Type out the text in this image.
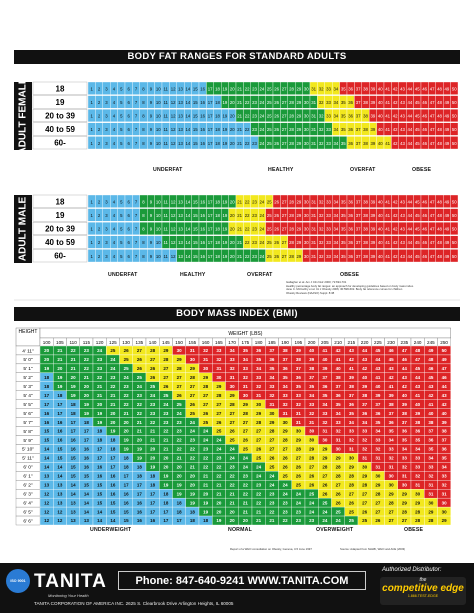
BODY FAT RANGES FOR STANDARD ADULTS
BODY MASS INDEX (BMI)
ADULT FEMALE	18	1 2 3 4 5 6 7 8 9 10 11 12 13 14 15 16 17 18 19 20 21 22 23 24 25 26 27 28 29 30 31 32 33 34 35 36 37 38 39 40 41 42 43 44 45 46 47 48 49 50
19	1 2 3 4 5 6 7 8 9 10 11 12 13 14 15 16 17 18 19 20 21 22 23 24 25 26 27 28 29 30 31 32 33 34 35 36 37 38 39 40 41 42 43 44 45 46 47 48 49 50
20 to 39	1 2 3 4 5 6 7 8 9 10 11 12 13 14 15 16 17 18 19 20 21 22 23 24 25 26 27 28 29 30 31 32 33 34 35 36 37 38 39 40 41 42 43 44 45 46 47 48 49 50
40 to 59	1 2 3 4 5 6 7 8 9 10 11 12 13 14 15 16 17 18 19 20 21 22 23 24 25 26 27 28 29 30 31 32 33 34 35 36 37 38 39 40 41 42 43 44 45 46 47 48 49 50
60-	1 2 3 4 5 6 7 8 9 10 11 12 13 14 15 16 17 18 19 20 21 22 23 24 25 26 27 28 29 30 31 32 33 34 35 36 37 38 39 40 41 42 43 44 45 46 47 48 49 50
ADULT MALE	18	1 2 3 4 5 6 7 8 9 10 11 12 13 14 15 16 17 18 19 20 21 22 23 24 25 26 27 28 29 30 31 32 33 34 35 36 37 38 39 40 41 42 43 44 45 46 47 48 49 50
19	1 2 3 4 5 6 7 8 9 10 11 12 13 14 15 16 17 18 19 20 21 22 23 24 25 26 27 28 29 30 31 32 33 34 35 36 37 38 39 40 41 42 43 44 45 46 47 48 49 50
20 to 39	1 2 3 4 5 6 7 8 9 10 11 12 13 14 15 16 17 18 19 20 21 22 23 24 25 26 27 28 29 30 31 32 33 34 35 36 37 38 39 40 41 42 43 44 45 46 47 48 49 50
40 to 59	1 2 3 4 5 6 7 8 9 10 11 12 13 14 15 16 17 18 19 20 21 22 23 24 25 26 27 28 29 30 31 32 33 34 35 36 37 38 39 40 41 42 43 44 45 46 47 48 49 50
60-	1 2 3 4 5 6 7 8 9 10 11 12 13 14 15 16 17 18 19 20 21 22 23 24 25 26 27 28 29 30 31 32 33 34 35 36 37 38 39 40 41 42 43 44 45 46 47 48 49 50
HEIGHT	WEIGHT (LBS)
100 105 110 115 120 125 130 135 140 145 150 155 160 165 170 175 180 185 190 195 200 205 210 215 220 225 230 235 240 245 250
4' 11" 20 21 22 23 24 25 26 27 28 29 30 31 32 33 34 35 36 37 38 39 40 41 42 43 44 45 46 47 48 49 50
5' 0"	20 21 21 22 23 24 25 26 27 28 29 30 31 32 33 34 35 36 37 38 39 40 41 42 43 44 45 46 47 48 49
5' 1"	19 20 21 22 23 24 25 26 26 27 28 29 30 31 32 33 34 35 36 37 38 39 40 41 42 43 43 44 45 46 47
5' 2"	18 19 20 21 22 23 24 25 26 27 27 28 29 30 31 32 33 34 35 36 37 37 38 39 40 41 42 43 44 45 46
5' 3"	18 19 19 20 21 22 23 24 25 26 27 27 28 29 30 31 32 33 34 35 35 36 37 38 39 40 41 42 43 43 44
5' 4"	17 18 19 20 21 21 22 23 24 25 26 27 27 28 29 30 31 32 33 33 34 35 36 37 38 39 39 40 41 42 43
5' 5"	17 17 18 19 20 21 22 22 23 24 25 26 27 27 28 29 30 31 32 32 33 34 35 36 37 37 38 39 40 41 42
5' 6"	16 17 18 19 19 20 21 22 23 23 24 25 26 27 27 28 29 30 31 31 32 33 34 35 36 36 37 38 39 40 40
5' 7"	16 16 17 18 19 20 20 21 22 23 23 24 25 26 27 27 28 29 30 31 31 32 33 34 34 35 36 37 38 38 39
5' 8"	15 16 17 17 18 19 20 21 21 22 23 24 24 25 26 27 27 28 29 30 30 31 32 33 33 34 35 36 36 37 38
5' 9"	15 16 16 17 18 18 19 20 21 21 22 23 24 24 25 26 27 27 28 29 30 30 31 32 32 33 34 35 35 36 37
5' 10" 14 15 16 16 17 18 19 19 20 21 22 22 23 24 24 25 26 27 27 28 29 29 30 31 32 32 33 34 34 35 36
5' 11" 14 15 15 16 17 17 18 19 20 20 21 22 22 23 24 24 25 26 26 27 28 29 29 30 31 31 32 33 33 34 35
6' 0"	14 14 15 16 16 17 18 18 19 20 20 21 22 22 23 24 24 25 26 26 27 28 28 29 30 31 31 32 33 33 34
6' 1"	13 14 15 15 16 16 17 18 18 19 20 20 21 22 22 23 24 24 25 26 26 27 28 28 29 30 30 31 32 32 33
6' 2"	13 13 14 15 15 16 17 17 18 19 19 20 21 21 22 22 23 24 24 25 26 26 27 28 28 29 30 30 31 31 32
6' 3"	12 13 14 14 15 16 16 17 17 18 19 19 20 21 21 22 22 23 24 24 25 26 26 27 27 28 29 29 30 31 31
6' 4"	12 13 13 14 15 15 16 16 17 18 18 19 19 20 21 21 22 23 23 24 24 25 26 26 27 27 28 29 29 30 30
6' 5"	12 12 13 14 14 15 15 16 17 17 18 18 19 20 20 21 21 22 23 23 24 24 25 25 26 27 27 28 28 29 30
6' 6"	12 12 13 13 14 14 15 16 16 17 17 18 18 19 20 20 21 21 22 23 23 24 24 25 25 26 27 27 28 28 29
UNDERFAT	HEALTHY	OVERFAT	OBESE
UNDERFAT	HEALTHY	OVERFAT	OBESE
Gallagher et al. Am J Clin Nutr 2000; 72:694-701
Healthy percentage body fat ranges: an approach for developing guidelines based on body mass index.
Jane C. McCarthy et al. Int J Obesity 2006; 30:598-602. Body fat reference curves for children
Obesity Reviews (NAASO) Suppl. 8:38
UNDERWEIGHT	NORMAL	OVERWEIGHT	OBESE
Report of a WHO consultation on Obesity, Geneva, 3-5 June 1997	Source: Adapted from NHLBI, WHO and ACE (2003)
ISO 9001 TANITA
Monitoring Your Health
Phone: 847-640-9241 WWW.TANITA.COM
TANITA CORPORATION OF AMERICA INC. 2625 S. Clearbrook Drive Arlington Heights, IL 60005
Authorized Distributor:
the
competitive edge
1.866.TEST-EDGE
